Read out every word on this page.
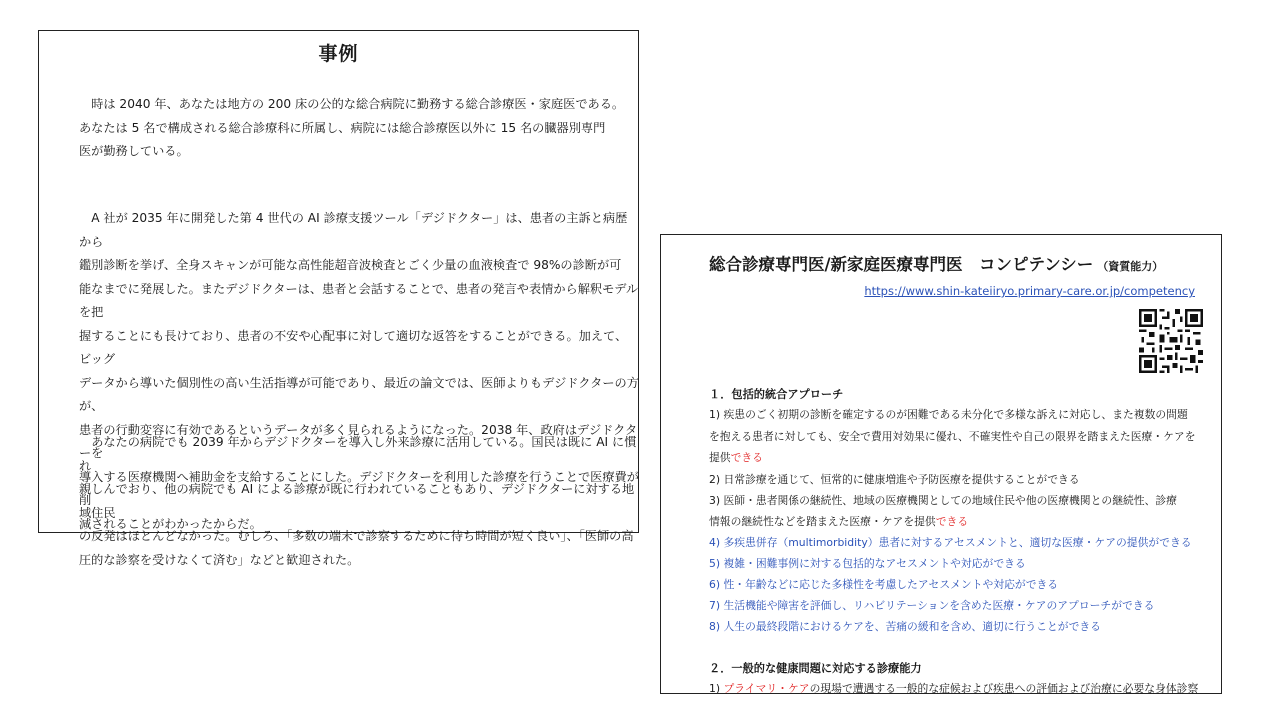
事例

時は 2040 年、あなたは地方の 200 床の公的な総合病院に勤務する総合診療医・家庭医である。
あなたは 5 名で構成される総合診療科に所属し、病院には総合診療医以外に 15 名の臓器別専門
医が勤務している。

A 社が 2035 年に開発した第 4 世代の AI 診療支援ツール「デジドクター」は、患者の主訴と病歴から
鑑別診断を挙げ、全身スキャンが可能な高性能超音波検査とごく少量の血液検査で 98%の診断が可
能なまでに発展した。またデジドクターは、患者と会話することで、患者の発言や表情から解釈モデルを把
握することにも長けており、患者の不安や心配事に対して適切な返答をすることができる。加えて、ビッグ
データから導いた個別性の高い生活指導が可能であり、最近の論文では、医師よりもデジドクターの方が、
患者の行動変容に有効であるというデータが多く見られるようになった。2038 年、政府はデジドクターを
導入する医療機関へ補助金を支給することにした。デジドクターを利用した診療を行うことで医療費が削
減されることがわかったからだ。

あなたの病院でも 2039 年からデジドクターを導入し外来診療に活用している。国民は既に AI に慣れ
親しんでおり、他の病院でも AI による診療が既に行われていることもあり、デジドクターに対する地域住民
の反発はほとんどなかった。むしろ、「多数の端末で診察するために待ち時間が短く良い」、「医師の高
圧的な診察を受けなくて済む」などと歓迎された。

総合診療専門医/新家庭医療専門医　コンピテンシー （資質能力）
https://www.shin-kateiiryo.primary-care.or.jp/competency
１．包括的統合アプローチ
1) 疾患のごく初期の診断を確定するのが困難である未分化で多様な訴えに対応し、また複数の問題
を抱える患者に対しても、安全で費用対効果に優れ、不確実性や自己の限界を踏まえた医療・ケアを
提供できる
2) 日常診療を通じて、恒常的に健康増進や予防医療を提供することができる
3) 医師・患者関係の継続性、地域の医療機関としての地域住民や他の医療機関との継続性、診療
情報の継続性などを踏まえた医療・ケアを提供できる
4) 多疾患併存（multimorbidity）患者に対するアセスメントと、適切な医療・ケアの提供ができる
5) 複雑・困難事例に対する包括的なアセスメントや対応ができる
6) 性・年齢などに応じた多様性を考慮したアセスメントや対応ができる
7) 生活機能や障害を評価し、リハビリテーションを含めた医療・ケアのアプローチができる
8) 人生の最終段階におけるケアを、苦痛の緩和を含め、適切に行うことができる
２．一般的な健康問題に対応する診療能力
1) プライマリ・ケアの現場で遭遇する一般的な症候および疾患への評価および治療に必要な身体診察
